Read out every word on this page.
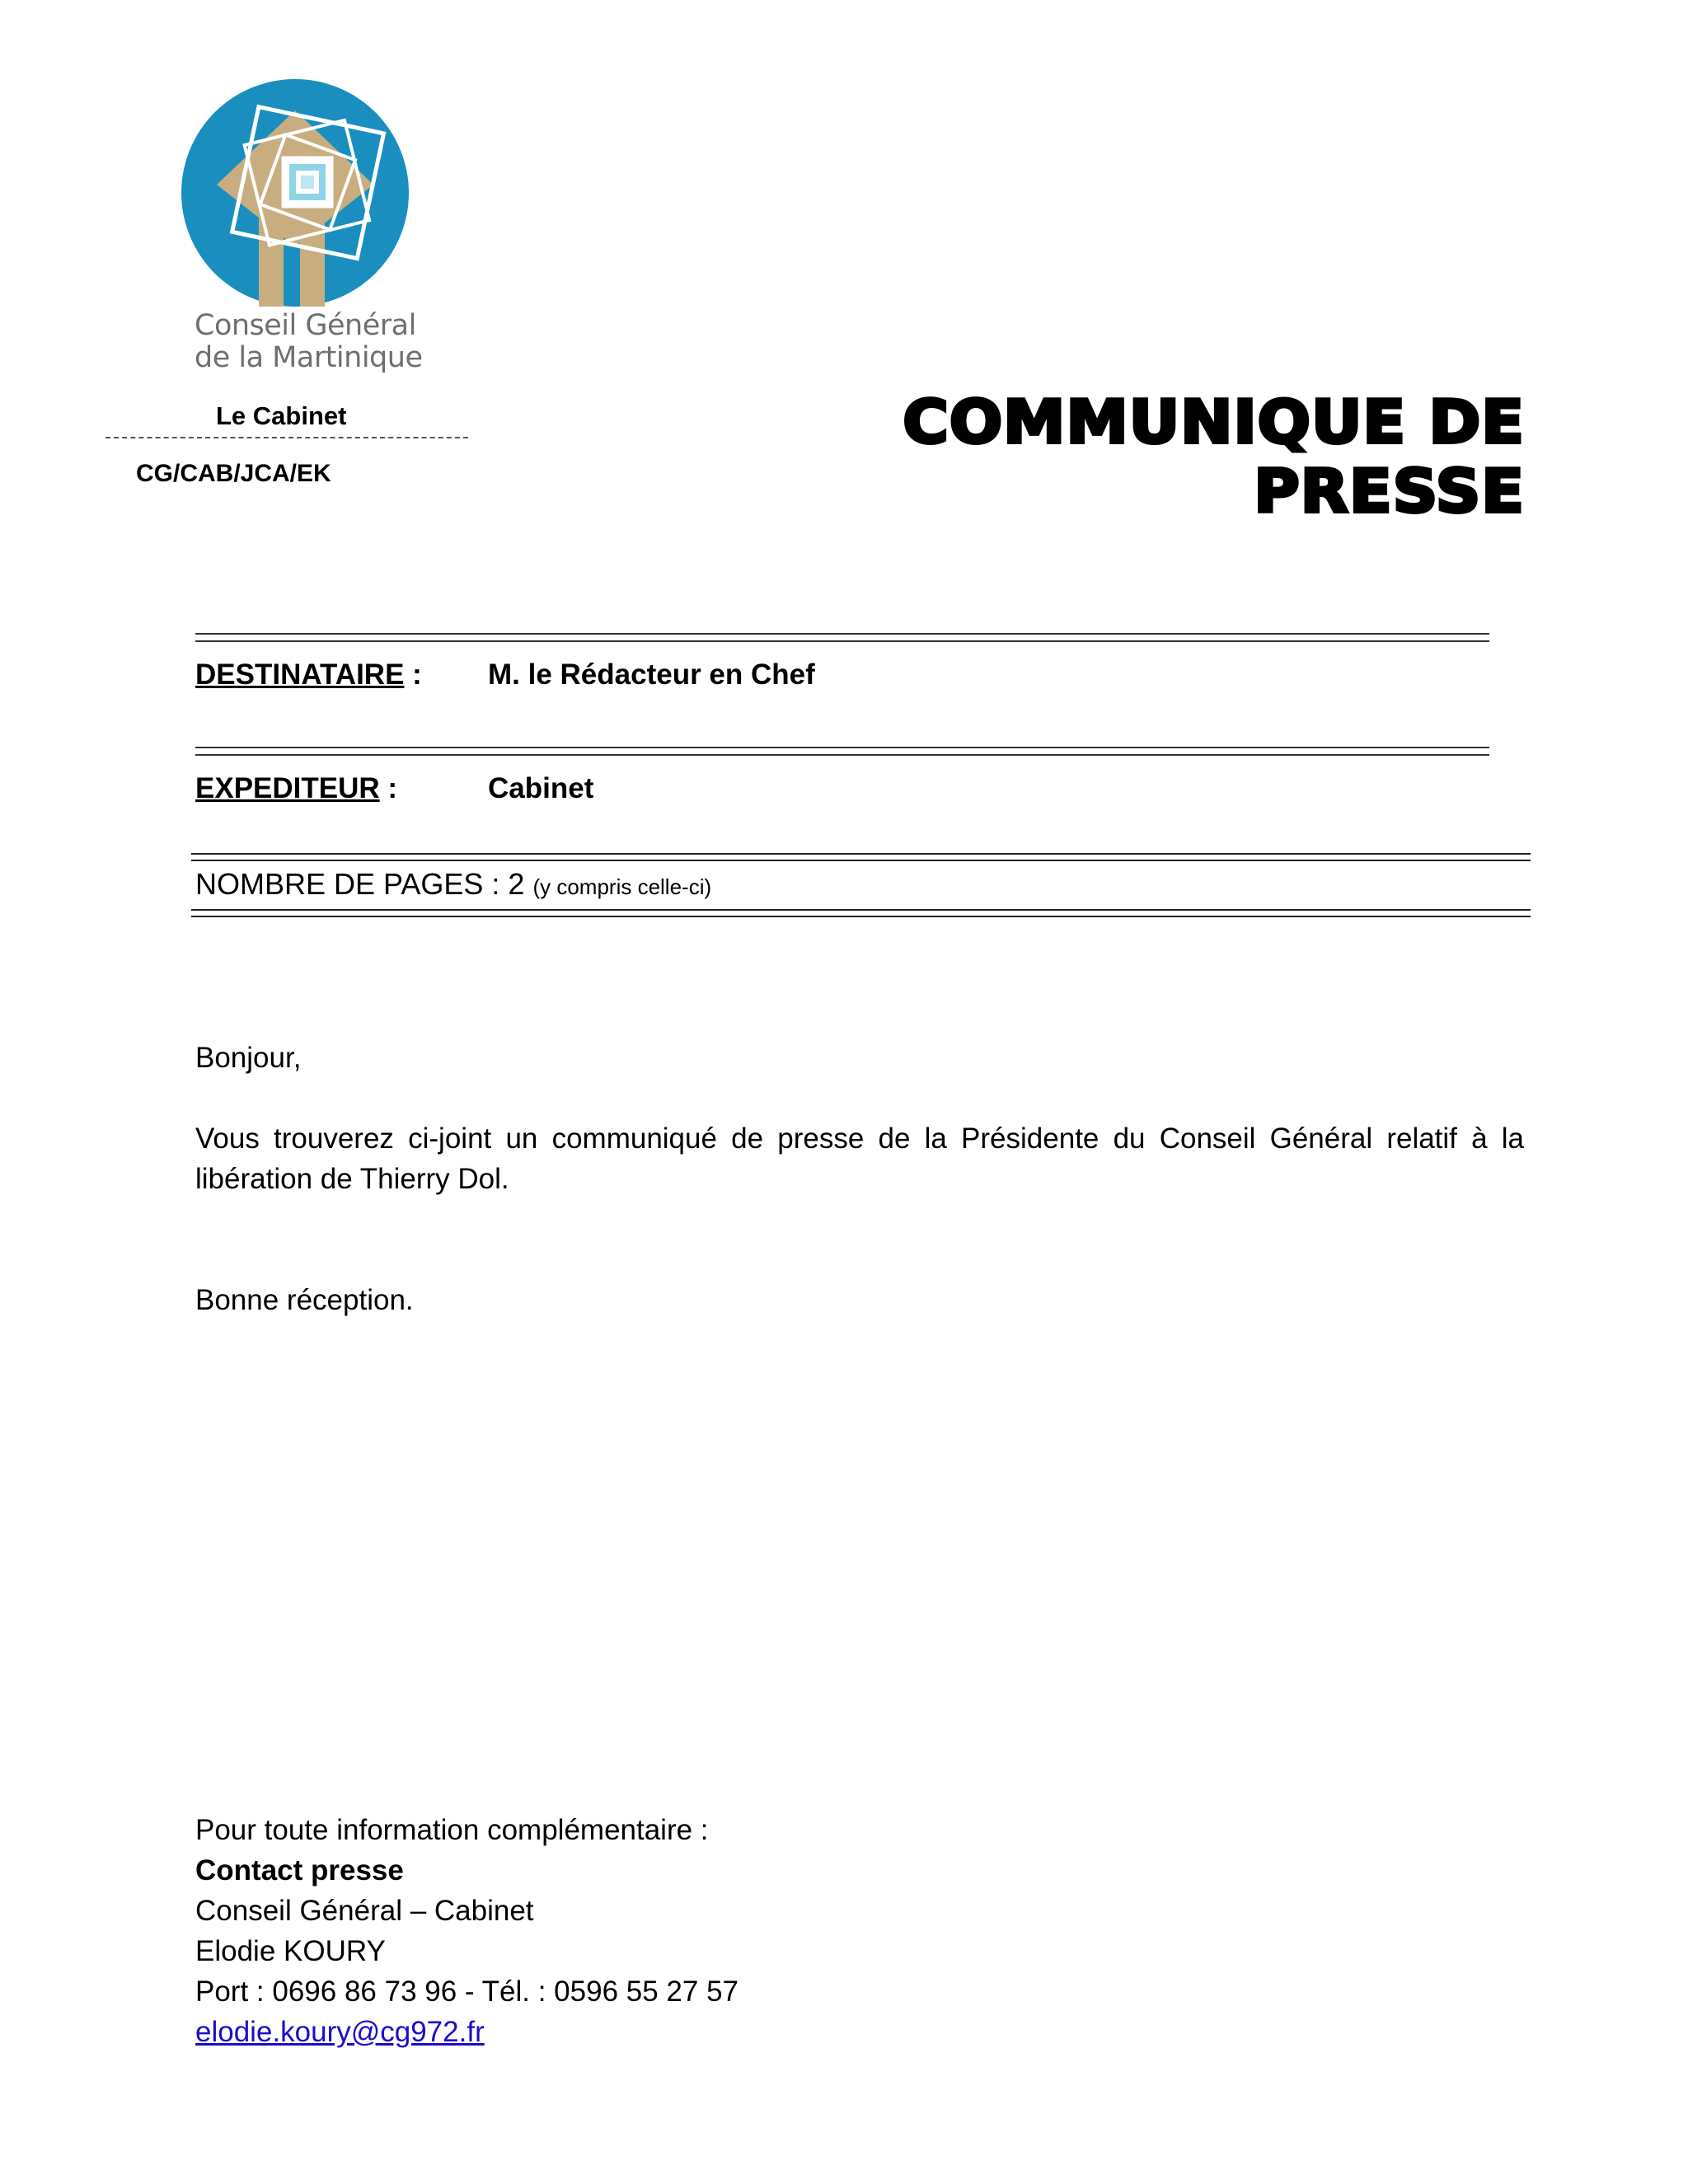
Conseil Général
de la Martinique
Le Cabinet
CG/CAB/JCA/EK
COMMUNIQUE DE PRESSE
DESTINATAIRE : M. le Rédacteur en Chef
EXPEDITEUR :	Cabinet
NOMBRE DE PAGES : 2 (y compris celle-ci)
Bonjour,
Vous trouverez ci-joint un communiqué de presse de la Présidente du Conseil Général relatif à la libération de Thierry Dol.
Bonne réception.
Pour toute information complémentaire :
Contact presse
Conseil Général – Cabinet
Elodie KOURY
Port : 0696 86 73 96 - Tél. : 0596 55 27 57
elodie.koury@cg972.fr
